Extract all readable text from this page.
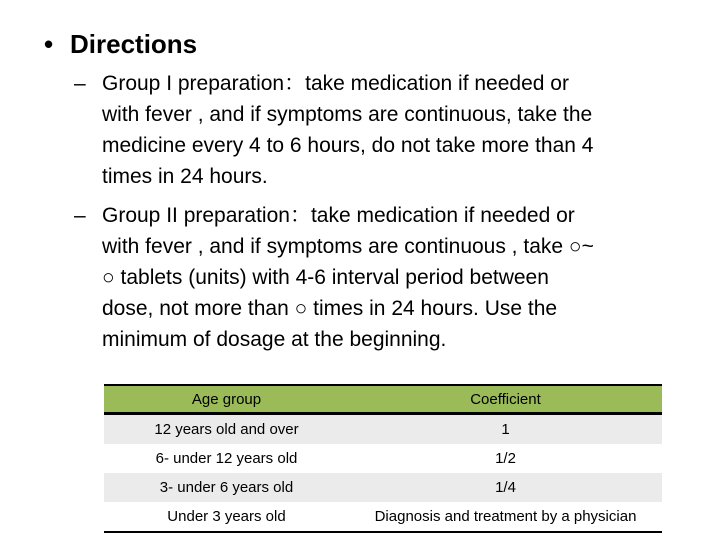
• Directions
– Group I preparation：take medication if needed or
with fever , and if symptoms are continuous, take the
medicine every 4 to 6 hours, do not take more than 4
times in 24 hours.
– Group II preparation：take medication if needed or
with fever , and if symptoms are continuous , take ○~
○ tablets (units) with 4-6 interval period between
dose, not more than ○ times in 24 hours. Use the
minimum of dosage at the beginning.
Age group	Coefficient
12 years old and over	1
6- under 12 years old	1/2
3- under 6 years old	1/4
Under 3 years old	Diagnosis and treatment by a physician
